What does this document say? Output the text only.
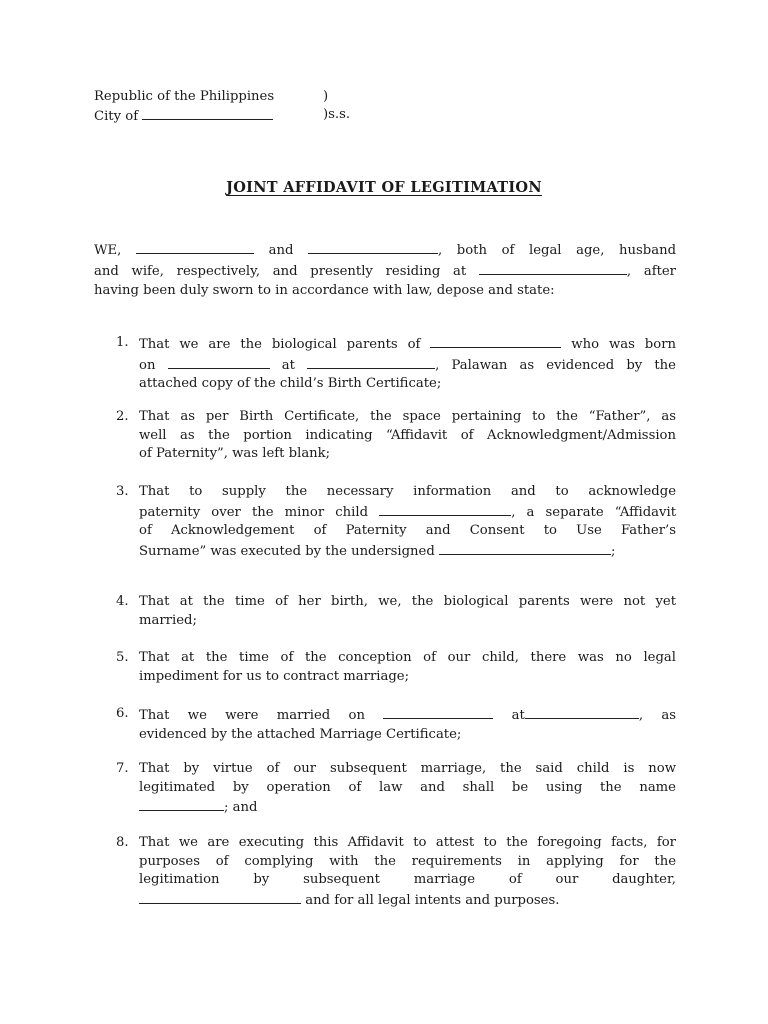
Republic of the Philippines	)
City of	)s.s.
JOINT AFFIDAVIT OF LEGITIMATION
WE,	and	, both of legal age, husband
and wife, respectively, and presently residing at	, after
having been duly sworn to in accordance with law, depose and state:
1. That we are the biological parents of	who was born
on	at	, Palawan as evidenced by the
attached copy of the child’s Birth Certificate;
2. That as per Birth Certificate, the space pertaining to the “Father”, as
well as the portion indicating “Affidavit of Acknowledgment/Admission
of Paternity”, was left blank;
3. That to supply the necessary information and to acknowledge
paternity over the minor child	, a separate “Affidavit
of Acknowledgement of Paternity and Consent to Use Father’s
Surname” was executed by the undersigned	;
4. That at the time of her birth, we, the biological parents were not yet
married;
5. That at the time of the conception of our child, there was no legal
impediment for us to contract marriage;
6. That we were married on	at	, as
evidenced by the attached Marriage Certificate;
7. That by virtue of our subsequent marriage, the said child is now
legitimated by operation of law and shall be using the name
; and
8. That we are executing this Affidavit to attest to the foregoing facts, for
purposes of complying with the requirements in applying for the
legitimation by subsequent marriage of our daughter,
and for all legal intents and purposes.
